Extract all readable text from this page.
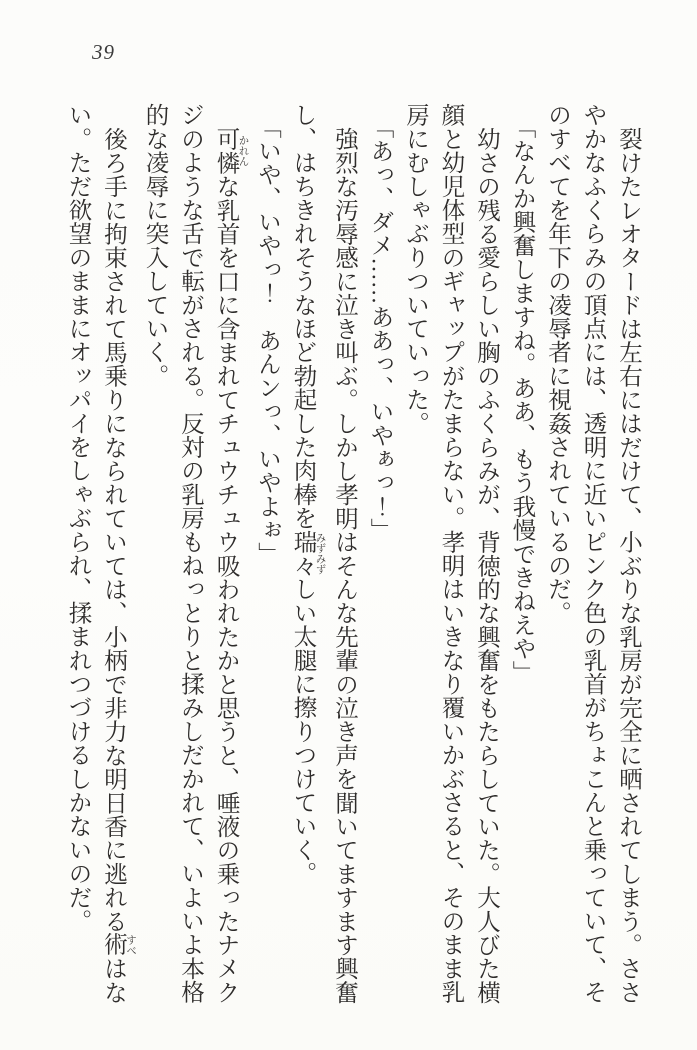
39

裂けたレオタードは左右にはだけて、小ぶりな乳房が完全に晒されてしまう。ささ

やかなふくらみの頂点には、透明に近いピンク色の乳首がちょこんと乗っていて、そ

のすべてを年下の凌辱者に視姦されているのだ。

「なんか興奮しますね。ああ、もう我慢できねえや」

幼さの残る愛らしい胸のふくらみが、背徳的な興奮をもたらしていた。大人びた横

顔と幼児体型のギャップがたまらない。孝明はいきなり覆いかぶさると、そのまま乳

房にむしゃぶりついていった。

「あっ、ダメ……ああっ、いやぁっ！」

強烈な汚辱感に泣き叫ぶ。しかし孝明はそんな先輩の泣き声を聞いてますます興奮

し、はちきれそうなほど勃起した肉棒を瑞々 みずみずしい太腿に擦りつけていく。

「いや、いやっ！　あんンっ、いやよぉ」

可憐 かれんな乳首を口に含まれてチュウチュウ吸われたかと思うと、唾液の乗ったナメク

ジのような舌で転がされる。反対の乳房もねっとりと揉みしだかれて、いよいよ本格

的な凌辱に突入していく。

後ろ手に拘束されて馬乗りになられていては、小柄で非力な明日香に逃れる術 すべはな

い。ただ欲望のままにオッパイをしゃぶられ、揉まれつづけるしかないのだ。
